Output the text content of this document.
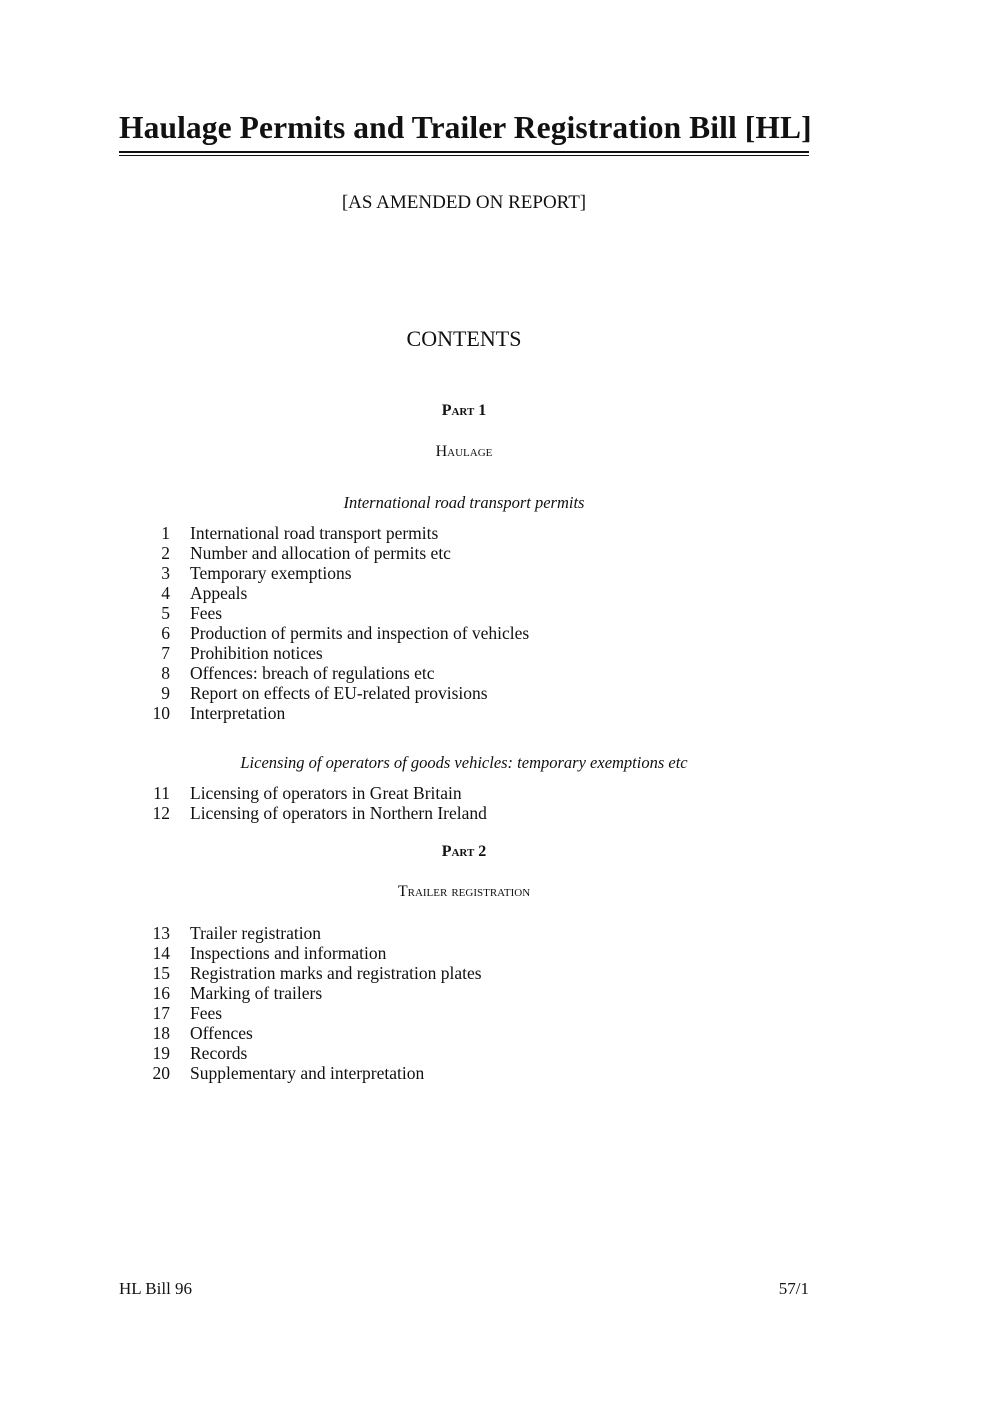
Haulage Permits and Trailer Registration Bill [HL]
[AS AMENDED ON REPORT]
CONTENTS
Part 1
Haulage
International road transport permits
1	International road transport permits
2	Number and allocation of permits etc
3	Temporary exemptions
4	Appeals
5	Fees
6	Production of permits and inspection of vehicles
7	Prohibition notices
8	Offences: breach of regulations etc
9	Report on effects of EU-related provisions
10	Interpretation
Licensing of operators of goods vehicles: temporary exemptions etc
11	Licensing of operators in Great Britain
12	Licensing of operators in Northern Ireland
Part 2
Trailer registration
13	Trailer registration
14	Inspections and information
15	Registration marks and registration plates
16	Marking of trailers
17	Fees
18	Offences
19	Records
20	Supplementary and interpretation
HL Bill 96	57/1
